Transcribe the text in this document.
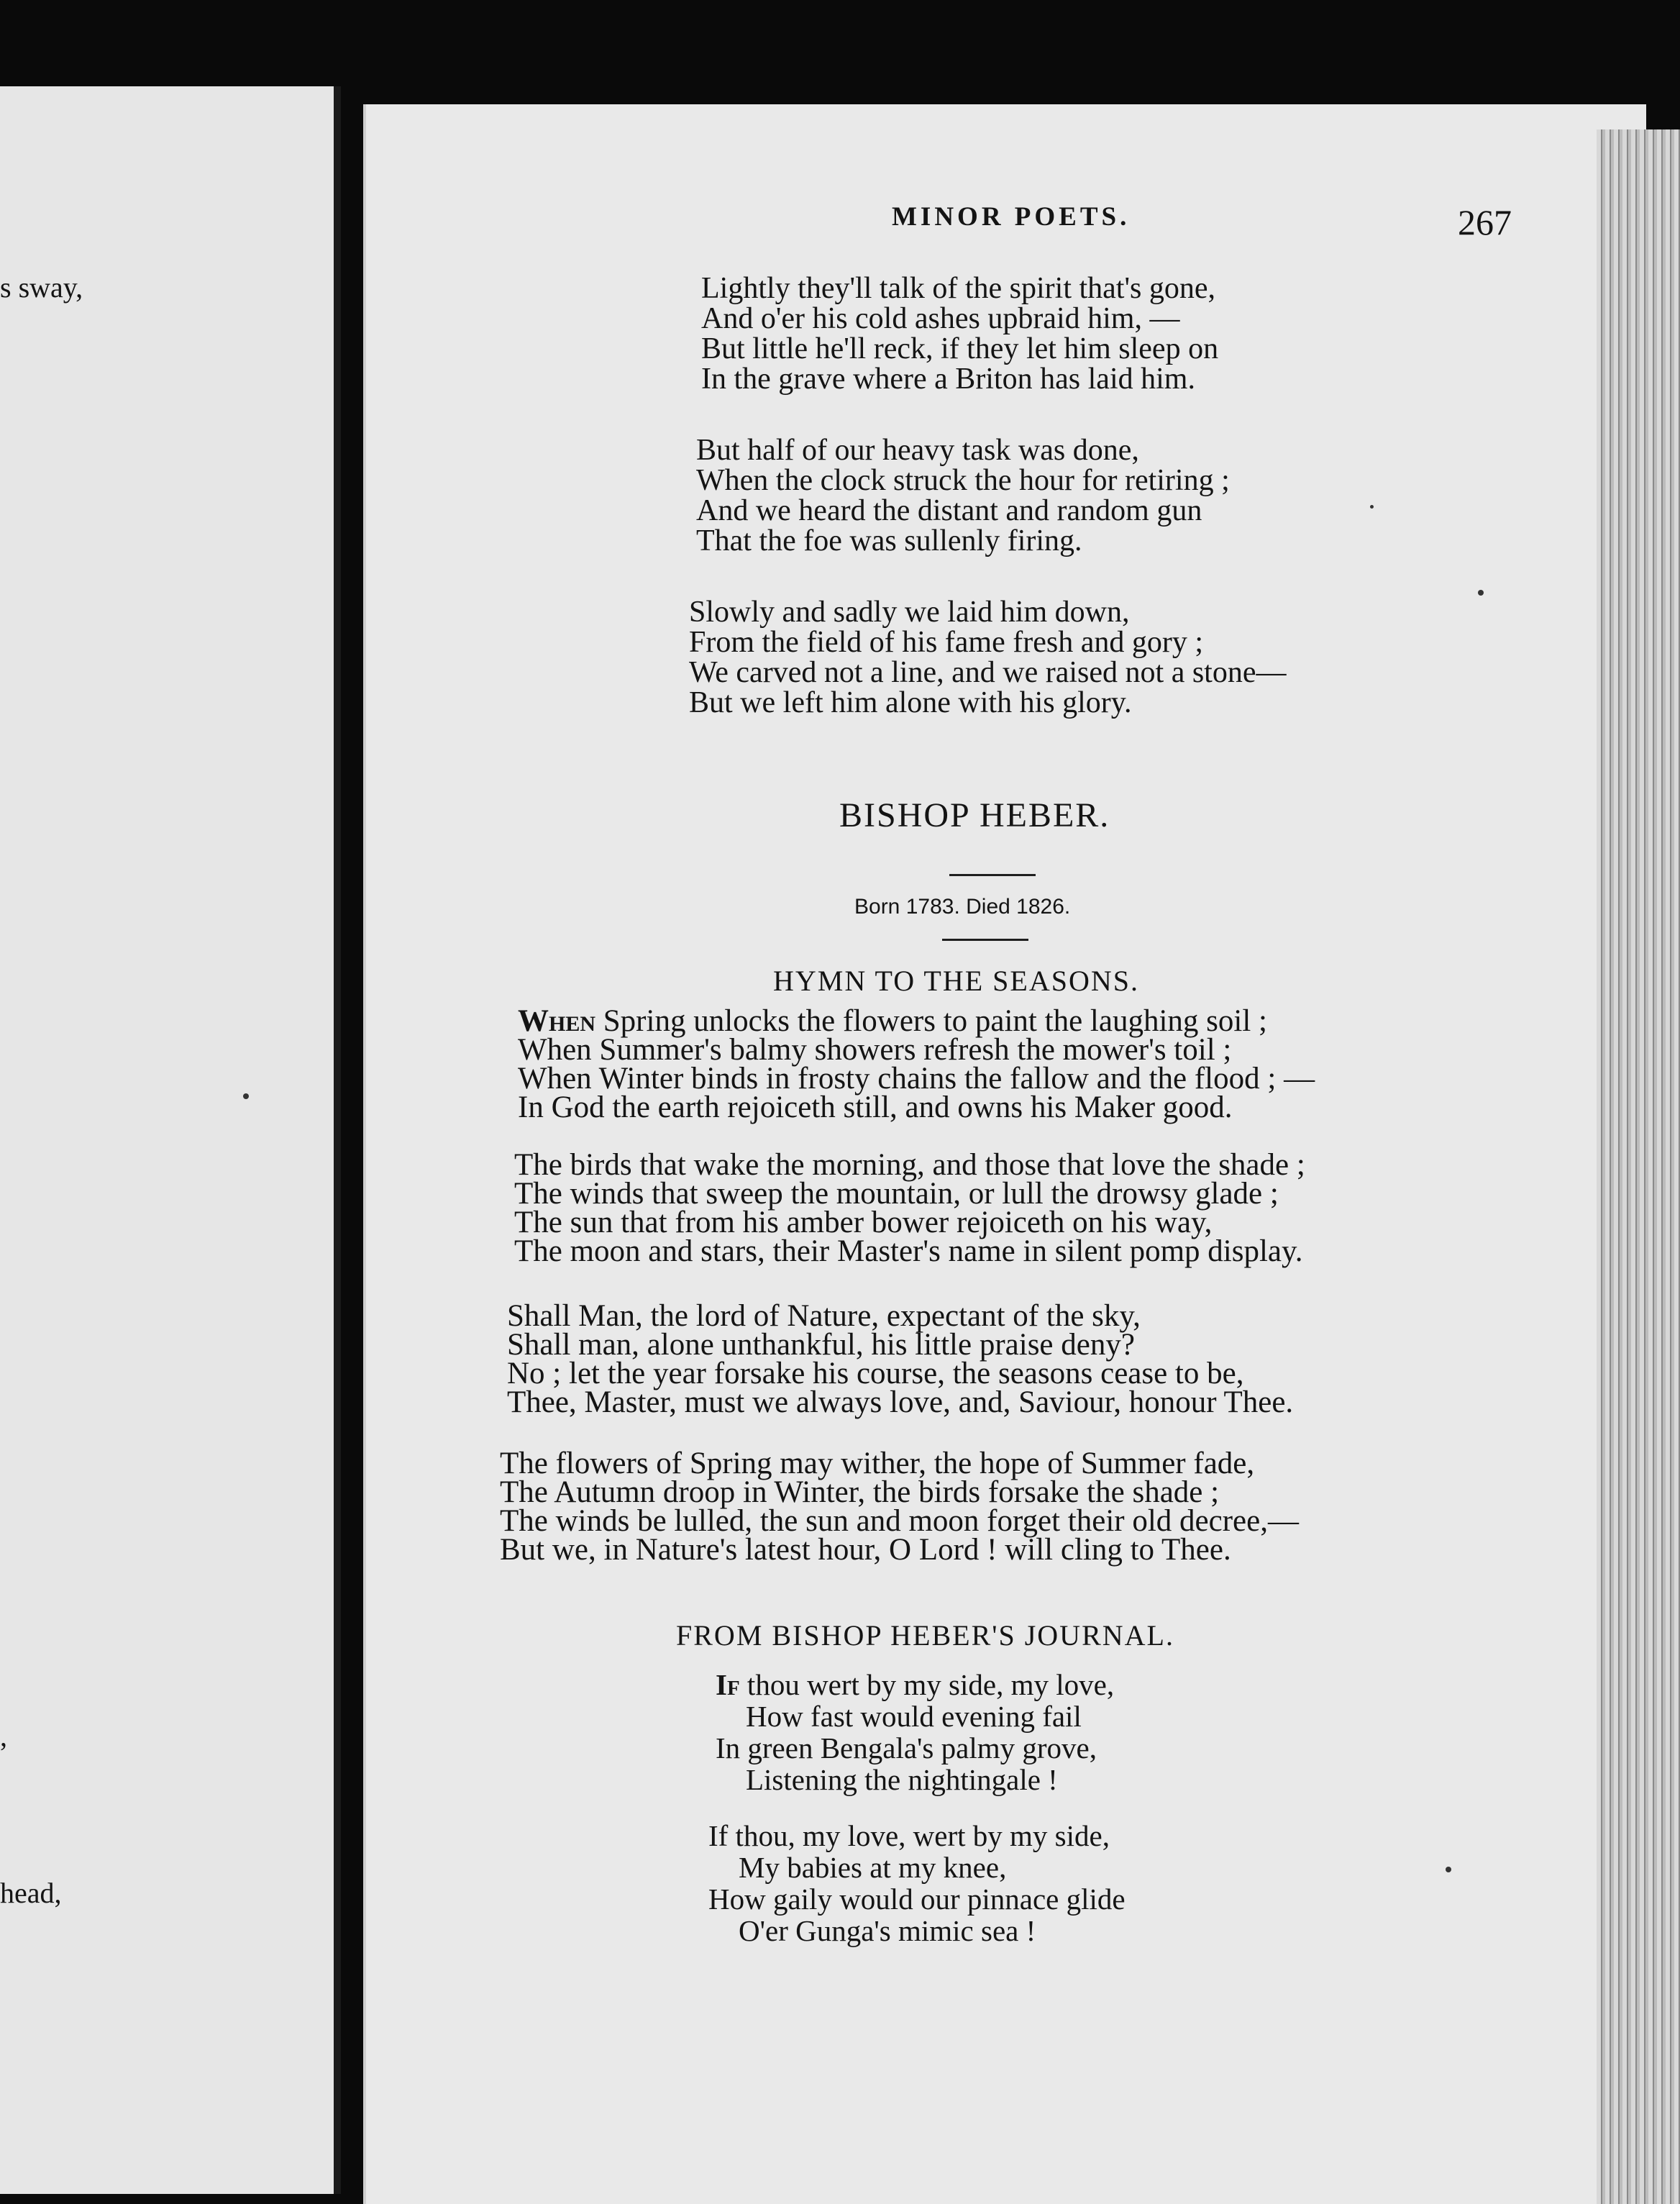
s sway,
,
head,
MINOR POETS.	267
Lightly they'll talk of the spirit that's gone,
And o'er his cold ashes upbraid him, —
But little he'll reck, if they let him sleep on
In the grave where a Briton has laid him.
But half of our heavy task was done,
When the clock struck the hour for retiring ;
And we heard the distant and random gun
That the foe was sullenly firing.
Slowly and sadly we laid him down,
From the field of his fame fresh and gory ;
We carved not a line, and we raised not a stone—
But we left him alone with his glory.
BISHOP HEBER.
Born 1783. Died 1826.
HYMN TO THE SEASONS.
When Spring unlocks the flowers to paint the laughing soil ;
When Summer's balmy showers refresh the mower's toil ;
When Winter binds in frosty chains the fallow and the flood ; —
In God the earth rejoiceth still, and owns his Maker good.
The birds that wake the morning, and those that love the shade ;
The winds that sweep the mountain, or lull the drowsy glade ;
The sun that from his amber bower rejoiceth on his way,
The moon and stars, their Master's name in silent pomp display.
Shall Man, the lord of Nature, expectant of the sky,
Shall man, alone unthankful, his little praise deny?
No ; let the year forsake his course, the seasons cease to be,
Thee, Master, must we always love, and, Saviour, honour Thee.
The flowers of Spring may wither, the hope of Summer fade,
The Autumn droop in Winter, the birds forsake the shade ;
The winds be lulled, the sun and moon forget their old decree,—
But we, in Nature's latest hour, O Lord ! will cling to Thee.
FROM BISHOP HEBER'S JOURNAL.
If thou wert by my side, my love,
How fast would evening fail
In green Bengala's palmy grove,
Listening the nightingale !
If thou, my love, wert by my side,
My babies at my knee,
How gaily would our pinnace glide
O'er Gunga's mimic sea !
